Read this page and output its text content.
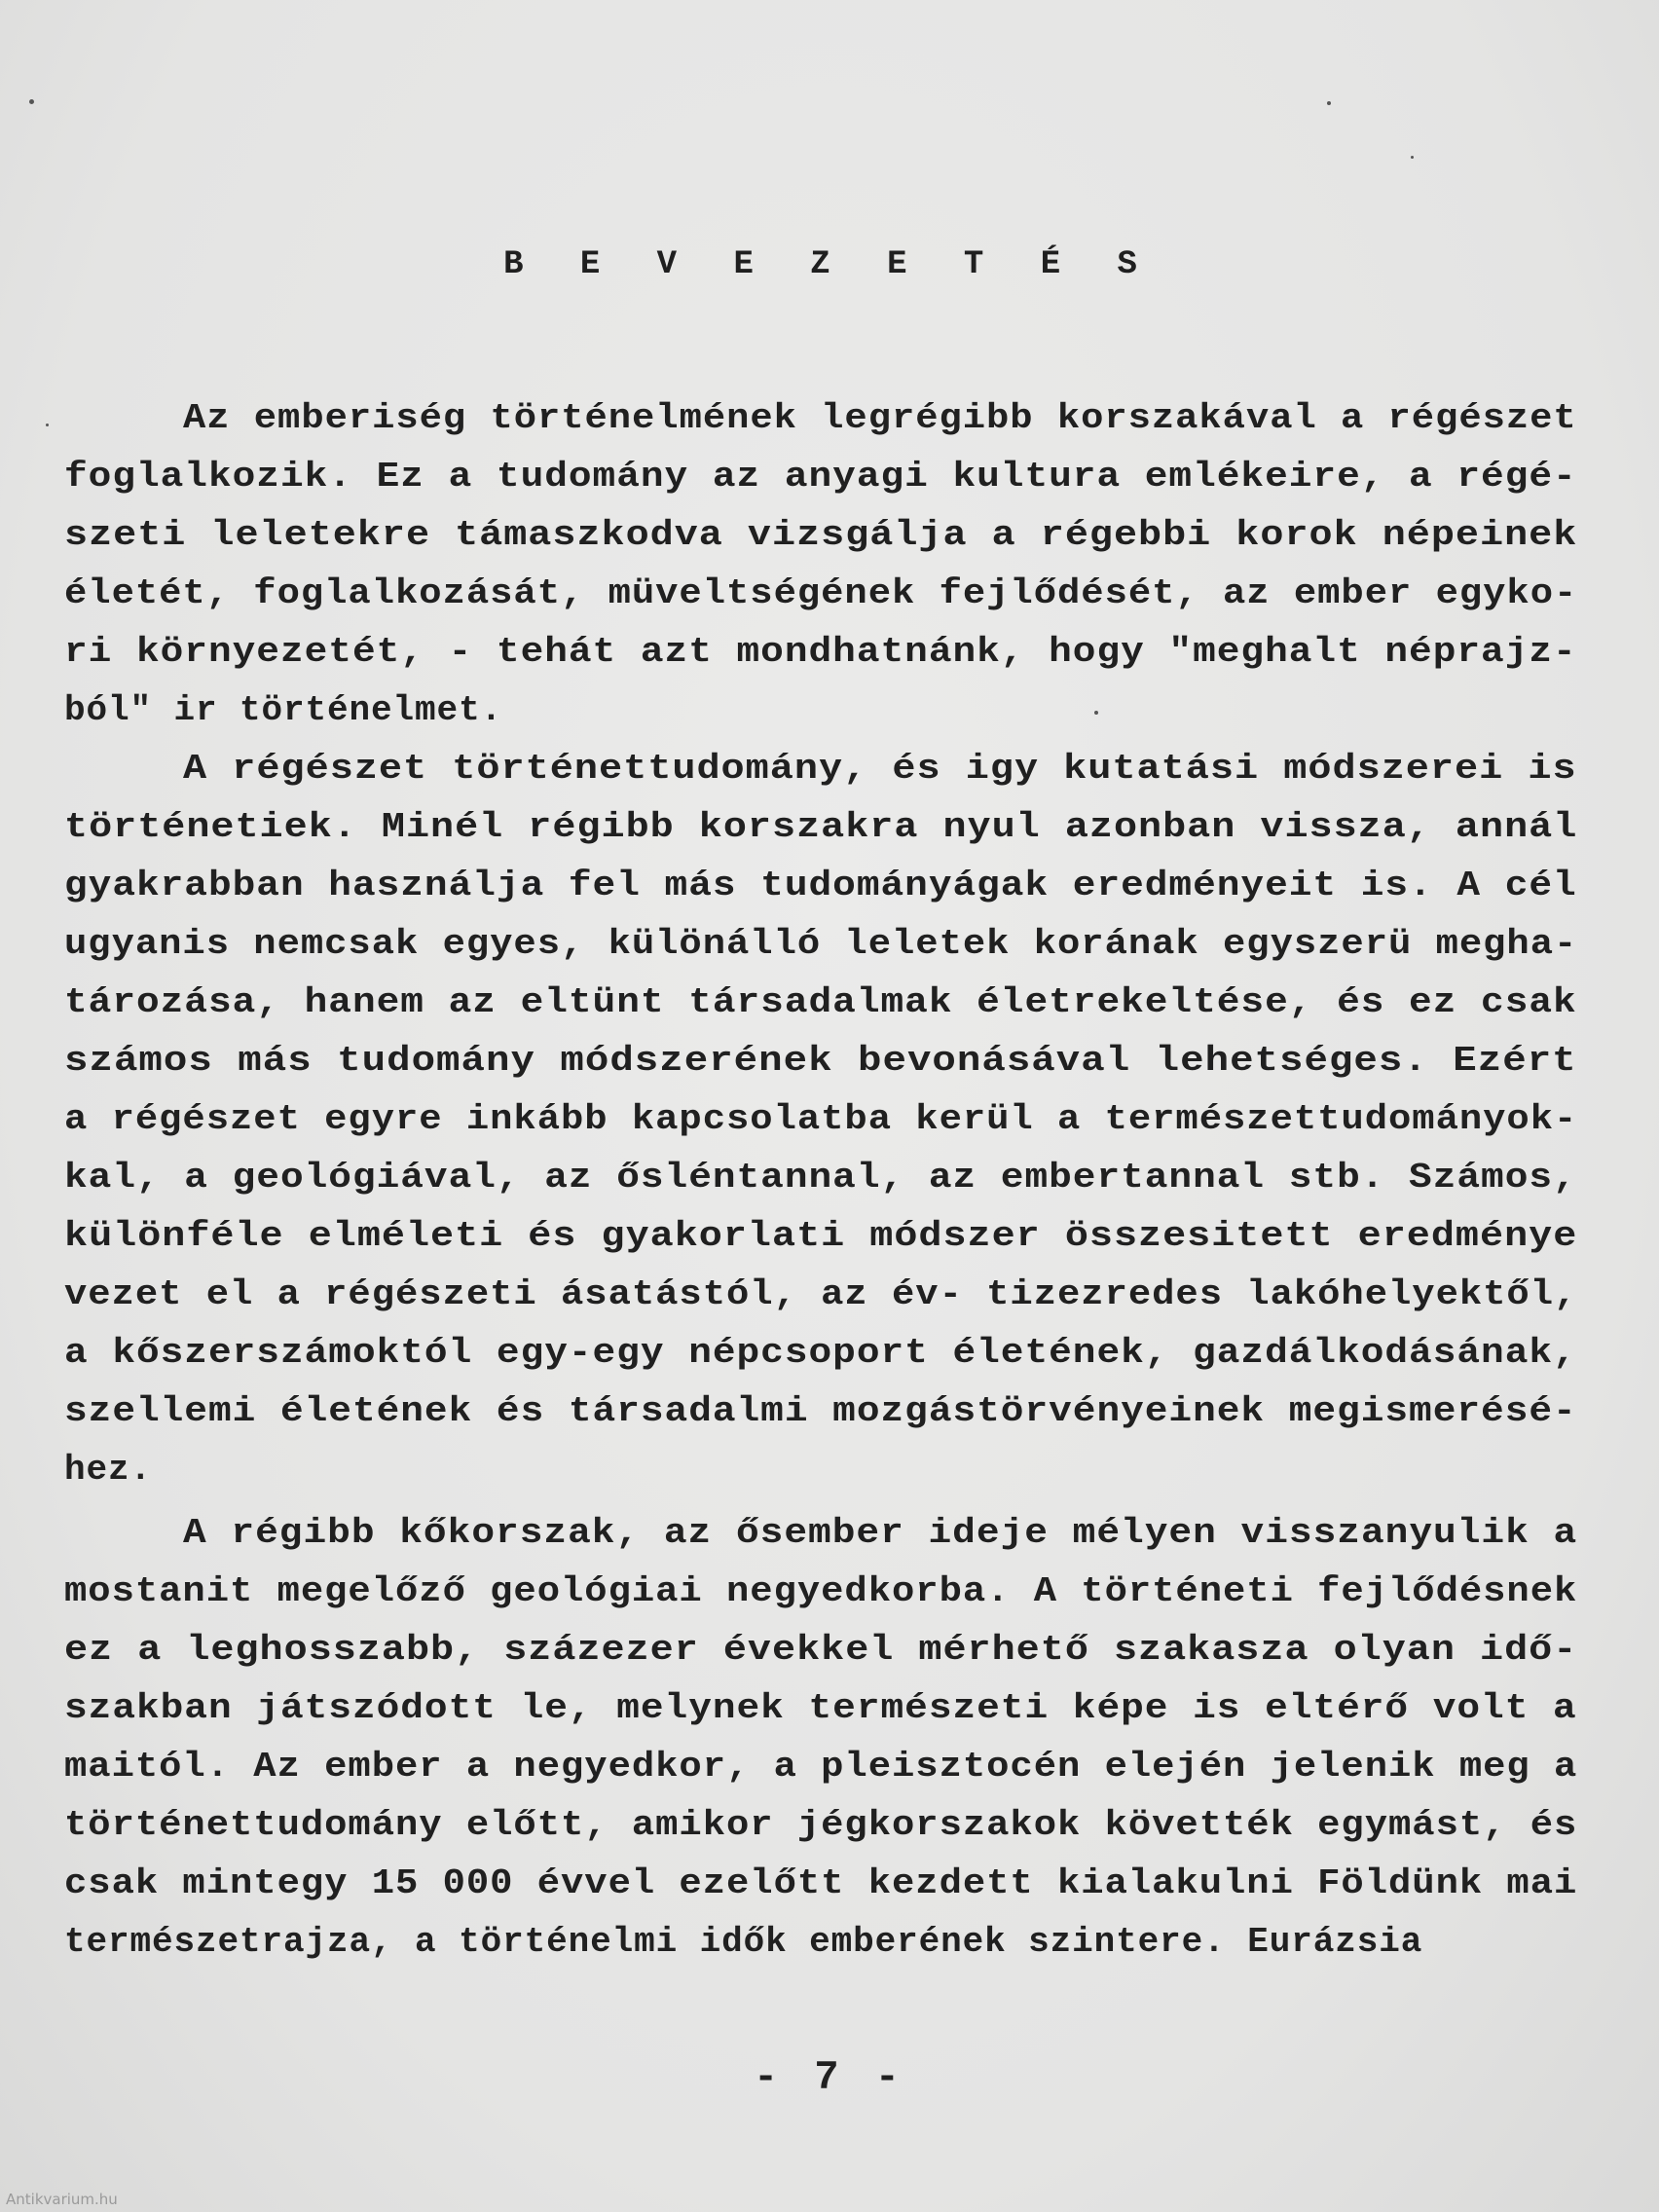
B E V E Z E T É S
Az emberiség történelmének legrégibb korszakával a régészet
foglalkozik. Ez a tudomány az anyagi kultura emlékeire, a régé-
szeti leletekre támaszkodva vizsgálja a régebbi korok népeinek
életét, foglalkozását, müveltségének fejlődését, az ember egyko-
ri környezetét, - tehát azt mondhatnánk, hogy "meghalt néprajz-
ból" ir történelmet.
A régészet történettudomány, és igy kutatási módszerei is
történetiek. Minél régibb korszakra nyul azonban vissza, annál
gyakrabban használja fel más tudományágak eredményeit is. A cél
ugyanis nemcsak egyes, különálló leletek korának egyszerü megha-
tározása, hanem az eltünt társadalmak életrekeltése, és ez csak
számos más tudomány módszerének bevonásával lehetséges. Ezért
a régészet egyre inkább kapcsolatba kerül a természettudományok-
kal, a geológiával, az ősléntannal, az embertannal stb. Számos,
különféle elméleti és gyakorlati módszer összesitett eredménye
vezet el a régészeti ásatástól, az év- tizezredes lakóhelyektől,
a kőszerszámoktól egy-egy népcsoport életének, gazdálkodásának,
szellemi életének és társadalmi mozgástörvényeinek megismerésé-
hez.
A régibb kőkorszak, az ősember ideje mélyen visszanyulik a
mostanit megelőző geológiai negyedkorba. A történeti fejlődésnek
ez a leghosszabb, százezer évekkel mérhető szakasza olyan idő-
szakban játszódott le, melynek természeti képe is eltérő volt a
maitól. Az ember a negyedkor, a pleisztocén elején jelenik meg a
történettudomány előtt, amikor jégkorszakok követték egymást, és
csak mintegy 15 000 évvel ezelőtt kezdett kialakulni Földünk mai
természetrajza, a történelmi idők emberének szintere. Eurázsia
- 7 -
Antikvarium.hu
